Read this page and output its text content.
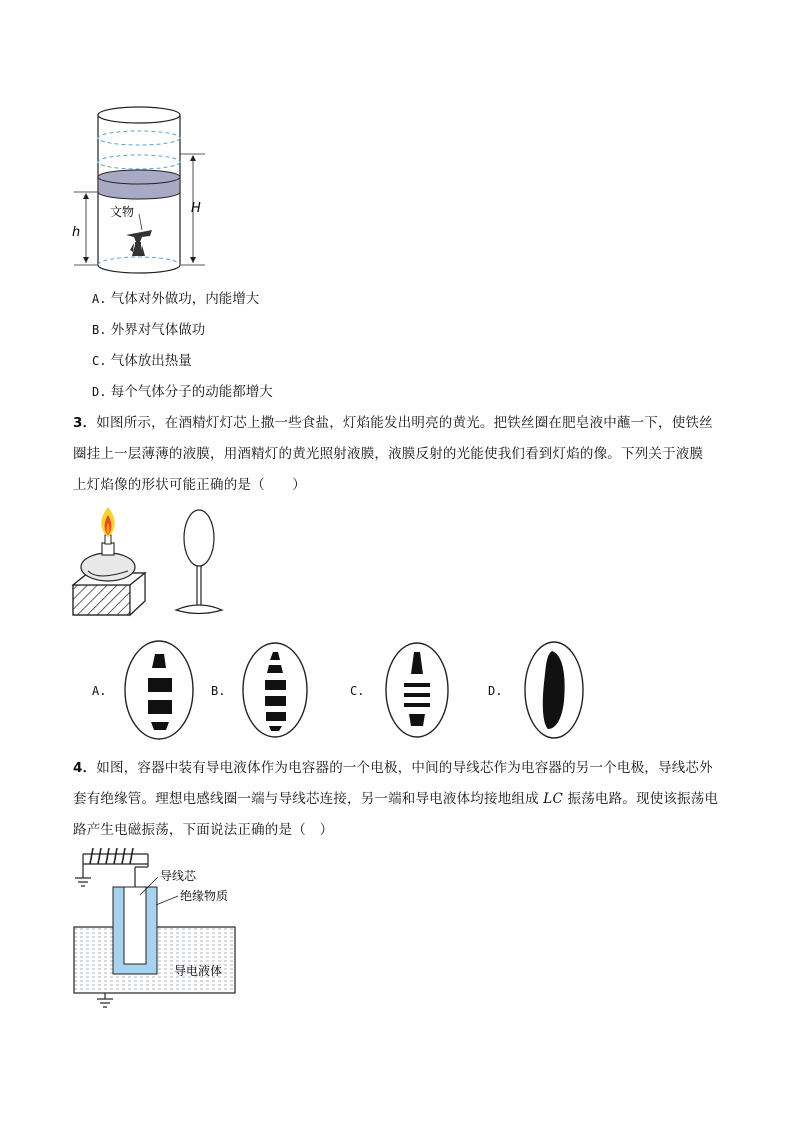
文物	H
h
A. 气体对外做功，内能增大
B. 外界对气体做功
C. 气体放出热量
D. 每个气体分子的动能都增大
3．如图所示，在酒精灯灯芯上撒一些食盐，灯焰能发出明亮的黄光。把铁丝圈在肥皂液中蘸一下，使铁丝
圈挂上一层薄薄的液膜，用酒精灯的黄光照射液膜，液膜反射的光能使我们看到灯焰的像。下列关于液膜
上灯焰像的形状可能正确的是（　　）
A.	B.	C.	D.
4．如图，容器中装有导电液体作为电容器的一个电极，中间的导线芯作为电容器的另一个电极，导线芯外
套有绝缘管。理想电感线圈一端与导线芯连接，另一端和导电液体均接地组成 LC 振荡电路。现使该振荡电
路产生电磁振荡，下面说法正确的是（　）
导线芯
绝缘物质
导电液体
